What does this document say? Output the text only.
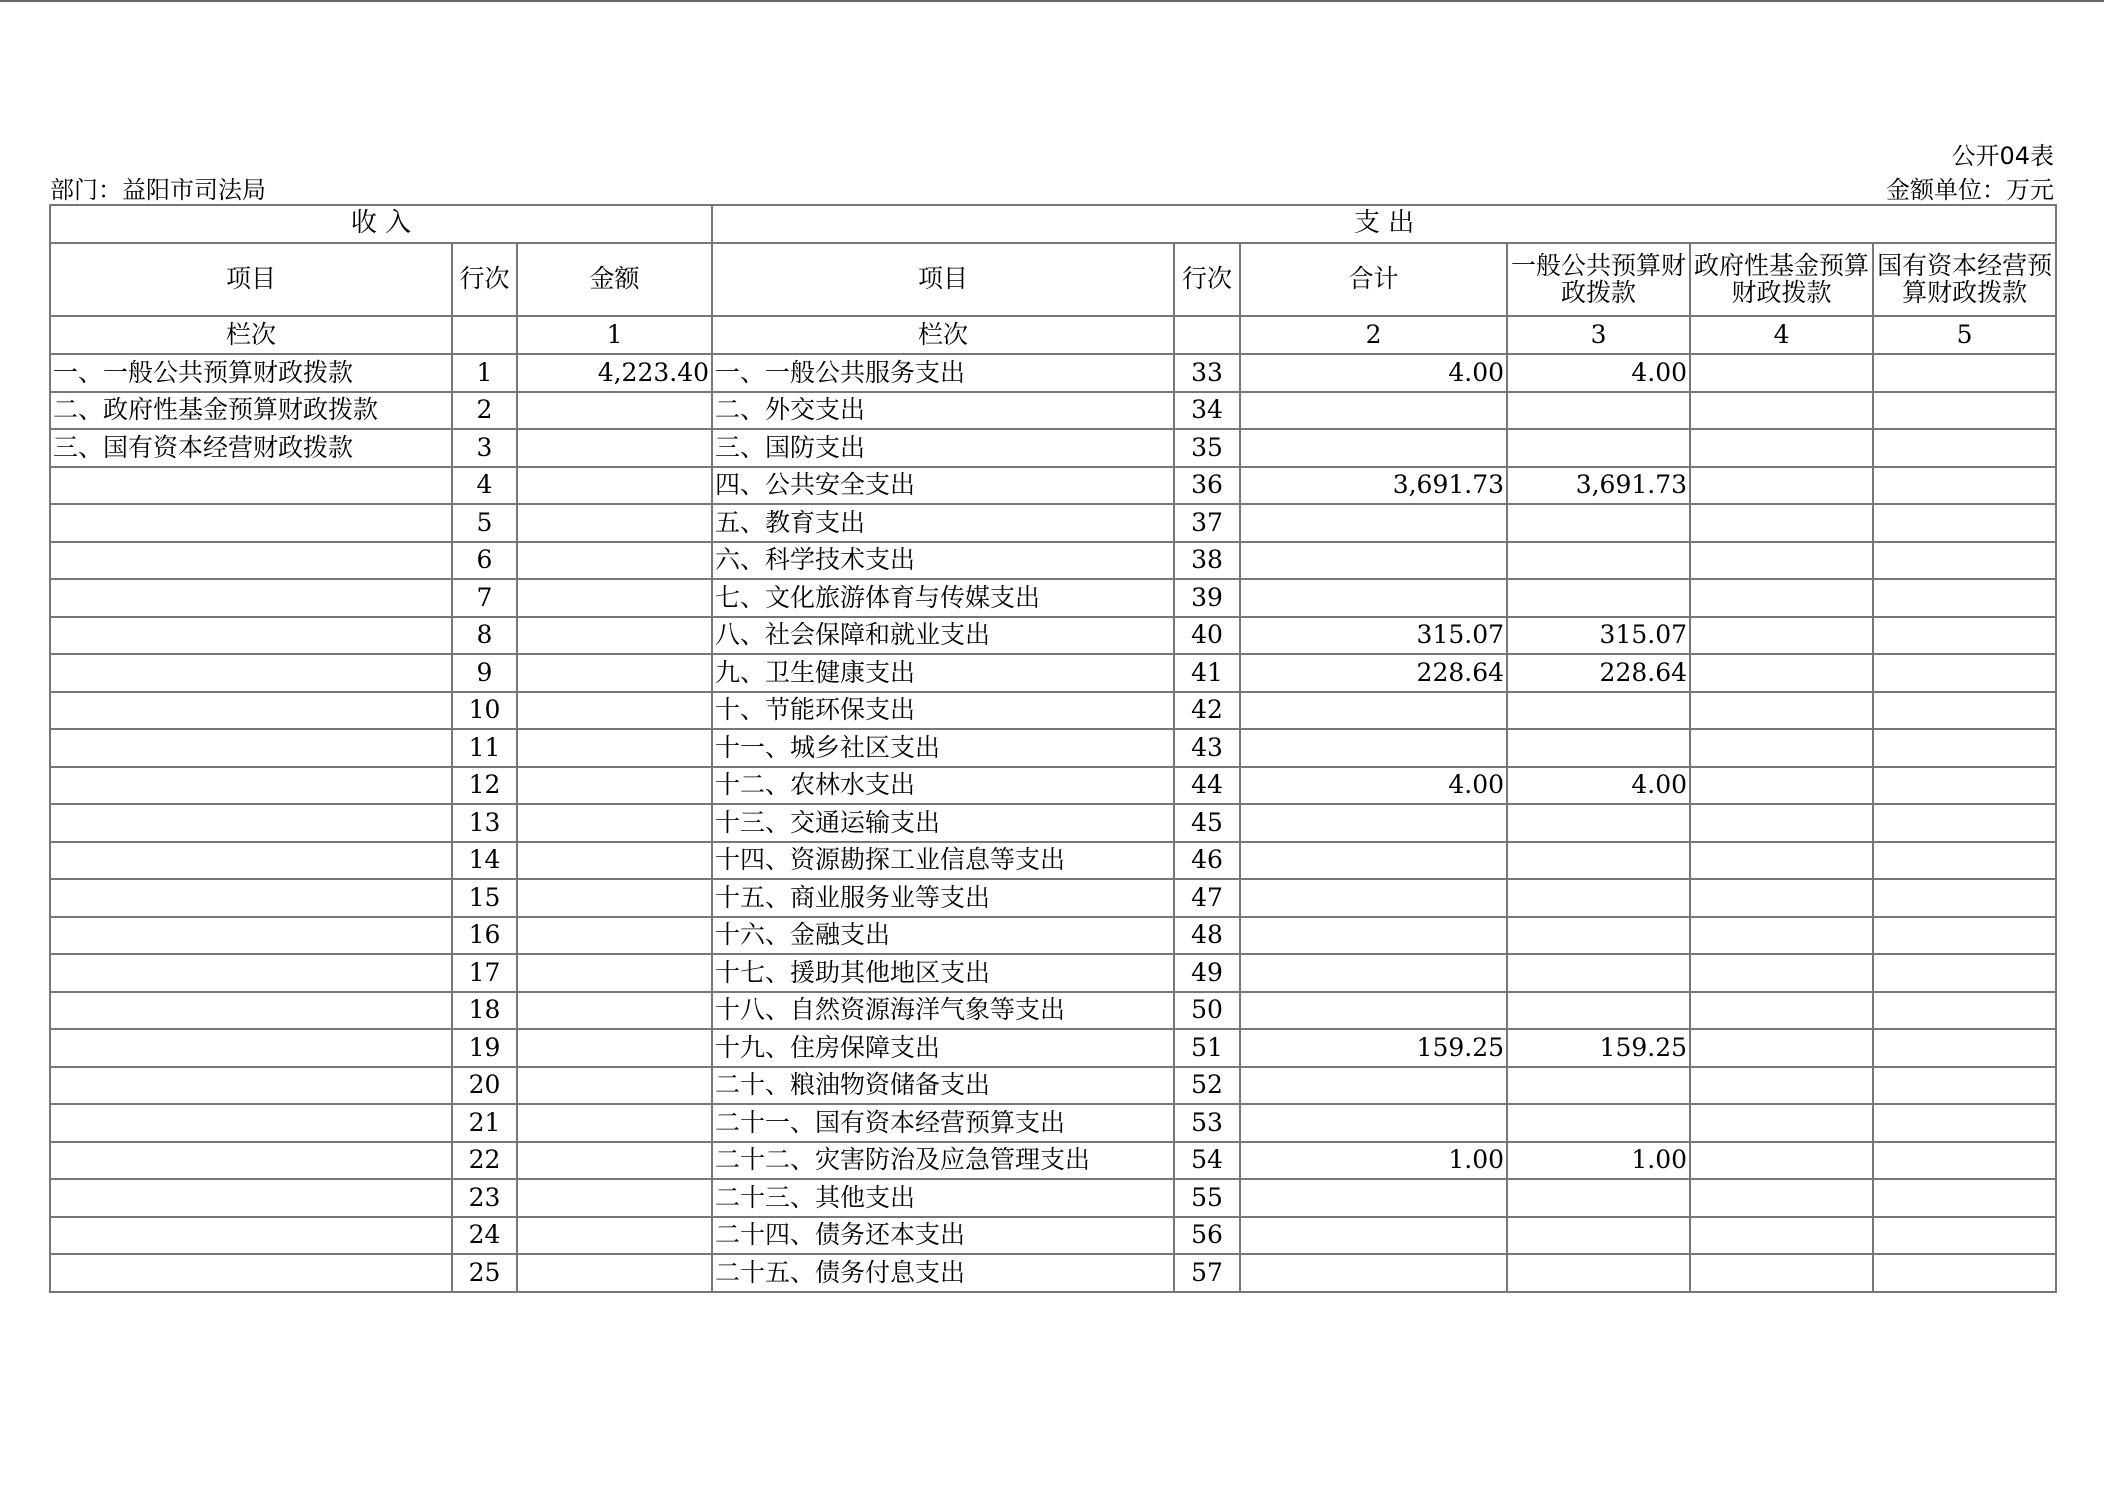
公开04表
部门：益阳市司法局	金额单位：万元
收 入			支 出					
项目	行次	金额	项目	行次	合计	一般公共预算财政拨款	政府性基金预算财政拨款	国有资本经营预算财政拨款
栏次		1	栏次		2	3	4	5
一、一般公共预算财政拨款	1	4,223.40	一、一般公共服务支出	33	4.00	4.00		
二、政府性基金预算财政拨款	2		二、外交支出	34				
三、国有资本经营财政拨款	3		三、国防支出	35				
	4		四、公共安全支出	36	3,691.73	3,691.73		
	5		五、教育支出	37				
	6		六、科学技术支出	38				
	7		七、文化旅游体育与传媒支出	39				
	8		八、社会保障和就业支出	40	315.07	315.07		
	9		九、卫生健康支出	41	228.64	228.64		
	10		十、节能环保支出	42				
	11		十一、城乡社区支出	43				
	12		十二、农林水支出	44	4.00	4.00		
	13		十三、交通运输支出	45				
	14		十四、资源勘探工业信息等支出	46				
	15		十五、商业服务业等支出	47				
	16		十六、金融支出	48				
	17		十七、援助其他地区支出	49				
	18		十八、自然资源海洋气象等支出	50				
	19		十九、住房保障支出	51	159.25	159.25		
	20		二十、粮油物资储备支出	52				
	21		二十一、国有资本经营预算支出	53				
	22		二十二、灾害防治及应急管理支出	54	1.00	1.00		
	23		二十三、其他支出	55				
	24		二十四、债务还本支出	56				
	25		二十五、债务付息支出	57				
